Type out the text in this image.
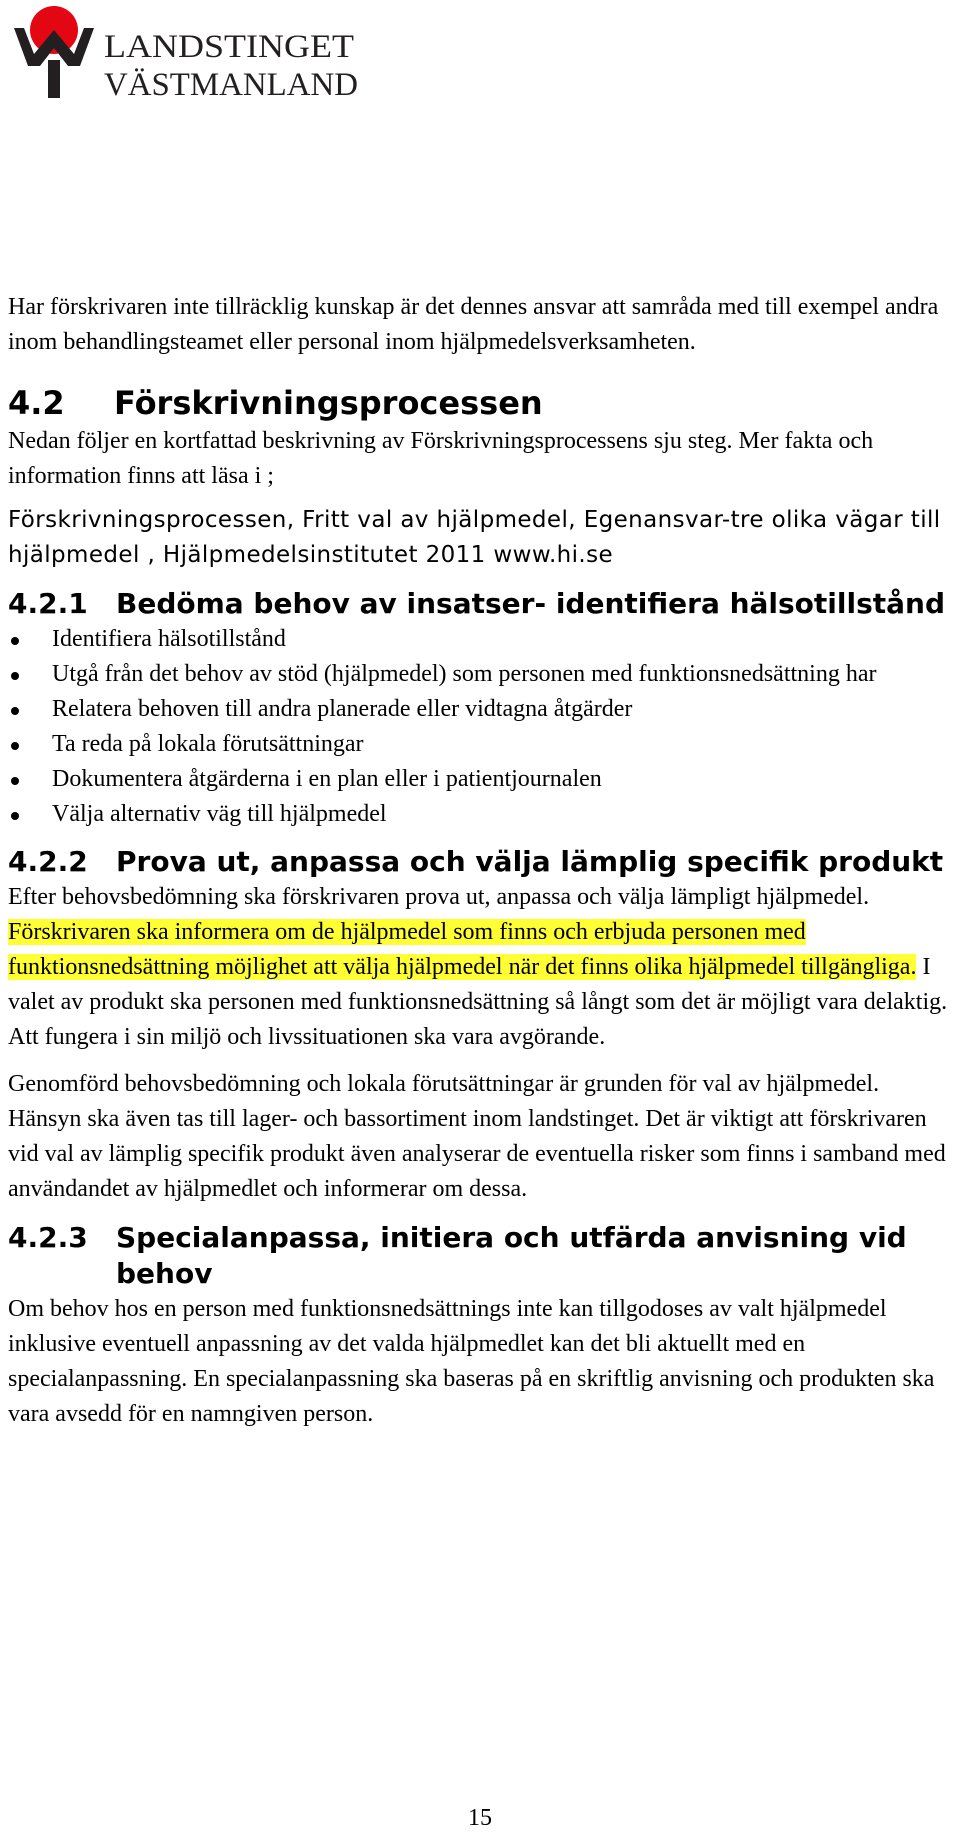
LANDSTINGET
VÄSTMANLAND

Har förskrivaren inte tillräcklig kunskap är det dennes ansvar att samråda med till exempel andra inom behandlingsteamet eller personal inom hjälpmedelsverksamheten.

4.2	Förskrivningsprocessen

Nedan följer en kortfattad beskrivning av Förskrivningsprocessens sju steg. Mer fakta och information finns att läsa i ;

Förskrivningsprocessen, Fritt val av hjälpmedel, Egenansvar-tre olika vägar till hjälpmedel , Hjälpmedelsinstitutet 2011 www.hi.se

4.2.1	Bedöma behov av insatser- identifiera hälsotillstånd
Identifiera hälsotillstånd
Utgå från det behov av stöd (hjälpmedel) som personen med funktionsnedsättning har
Relatera behoven till andra planerade eller vidtagna åtgärder
Ta reda på lokala förutsättningar
Dokumentera åtgärderna i en plan eller i patientjournalen
Välja alternativ väg till hjälpmedel
4.2.2	Prova ut, anpassa och välja lämplig specifik produkt

Efter behovsbedömning ska förskrivaren prova ut, anpassa och välja lämpligt hjälpmedel. Förskrivaren ska informera om de hjälpmedel som finns och erbjuda personen med funktionsnedsättning möjlighet att välja hjälpmedel när det finns olika hjälpmedel tillgängliga. I valet av produkt ska personen med funktionsnedsättning så långt som det är möjligt vara delaktig. Att fungera i sin miljö och livssituationen ska vara avgörande.

Genomförd behovsbedömning och lokala förutsättningar är grunden för val av hjälpmedel. Hänsyn ska även tas till lager- och bassortiment inom landstinget. Det är viktigt att förskrivaren vid val av lämplig specifik produkt även analyserar de eventuella risker som finns i samband med användandet av hjälpmedlet och informerar om dessa.

4.2.3	Specialanpassa, initiera och utfärda anvisning vid behov

Om behov hos en person med funktionsnedsättnings inte kan tillgodoses av valt hjälpmedel inklusive eventuell anpassning av det valda hjälpmedlet kan det bli aktuellt med en specialanpassning. En specialanpassning ska baseras på en skriftlig anvisning och produkten ska vara avsedd för en namngiven person.

15
